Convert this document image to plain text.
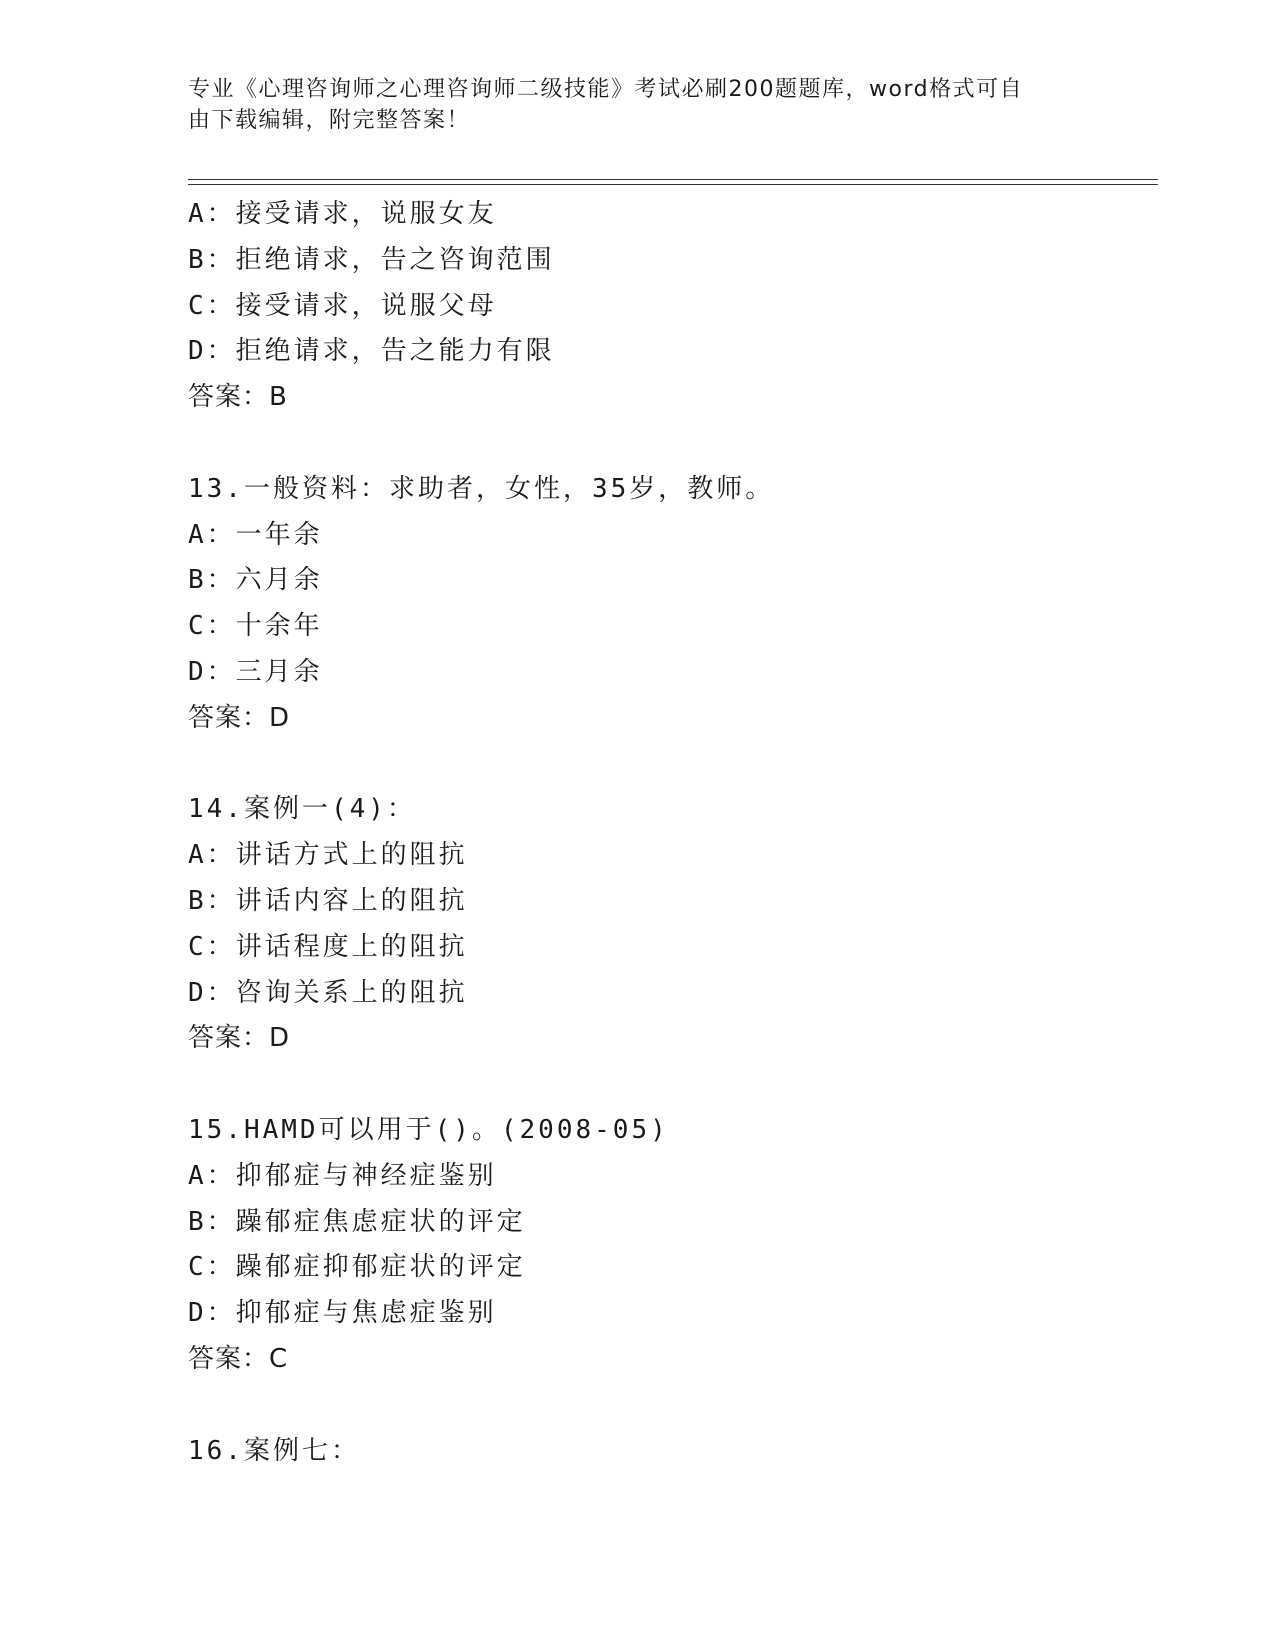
专业《心理咨询师之心理咨询师二级技能》考试必刷200题题库，word格式可自
由下载编辑，附完整答案！
A：接受请求，说服女友
B：拒绝请求，告之咨询范围
C：接受请求，说服父母
D：拒绝请求，告之能力有限
答案：B
13.一般资料：求助者，女性，35岁，教师。
A：一年余
B：六月余
C：十余年
D：三月余
答案：D
14.案例一(4)：
A：讲话方式上的阻抗
B：讲话内容上的阻抗
C：讲话程度上的阻抗
D：咨询关系上的阻抗
答案：D
15.HAMD可以用于()。(2008-05)
A：抑郁症与神经症鉴别
B：躁郁症焦虑症状的评定
C：躁郁症抑郁症状的评定
D：抑郁症与焦虑症鉴别
答案：C
16.案例七：
